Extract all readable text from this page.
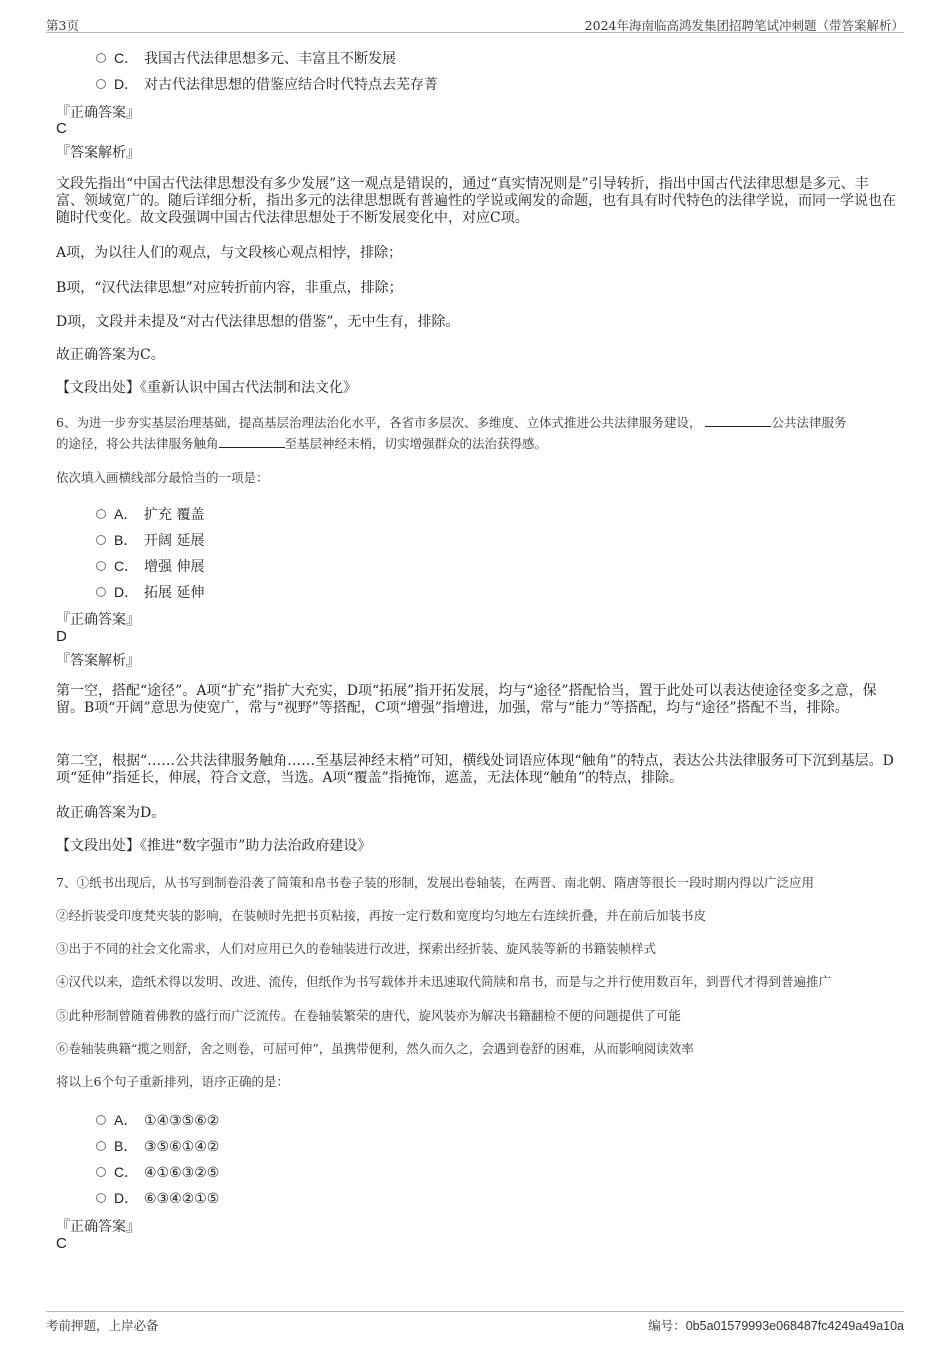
第3页	2024年海南临高鸿发集团招聘笔试冲刺题（带答案解析）
C． 我国古代法律思想多元、丰富且不断发展
D． 对古代法律思想的借鉴应结合时代特点去芜存菁
『正确答案』
C
『答案解析』
文段先指出“中国古代法律思想没有多少发展”这一观点是错误的，通过“真实情况则是”引导转折，指出中国古代法律思想是多元、丰富、领域宽广的。随后详细分析，指出多元的法律思想既有普遍性的学说或阐发的命题，也有具有时代特色的法律学说，而同一学说也在随时代变化。故文段强调中国古代法律思想处于不断发展变化中，对应C项。
A项，为以往人们的观点，与文段核心观点相悖，排除；
B项，“汉代法律思想”对应转折前内容，非重点，排除；
D项，文段并未提及“对古代法律思想的借鉴”，无中生有，排除。
故正确答案为C。
【文段出处】《重新认识中国古代法制和法文化》
6、为进一步夯实基层治理基础，提高基层治理法治化水平，各省市多层次、多维度、立体式推进公共法律服务建设，	公共法律服务
的途径，将公共法律服务触角	至基层神经末梢，切实增强群众的法治获得感。
依次填入画横线部分最恰当的一项是：
A． 扩充 覆盖
B． 开阔 延展
C． 增强 伸展
D． 拓展 延伸
『正确答案』
D
『答案解析』
第一空，搭配“途径”。A项“扩充”指扩大充实，D项“拓展”指开拓发展，均与“途径”搭配恰当，置于此处可以表达使途径变多之意，保留。B项“开阔”意思为使宽广，常与“视野”等搭配，C项“增强”指增进，加强，常与“能力”等搭配，均与“途径”搭配不当，排除。
第二空，根据“……公共法律服务触角……至基层神经末梢”可知，横线处词语应体现“触角”的特点，表达公共法律服务可下沉到基层。D项“延伸”指延长，伸展，符合文意，当选。A项“覆盖”指掩饰，遮盖，无法体现“触角”的特点，排除。
故正确答案为D。
【文段出处】《推进“数字强市”助力法治政府建设》
7、①纸书出现后，从书写到制卷沿袭了简策和帛书卷子装的形制，发展出卷轴装，在两晋、南北朝、隋唐等很长一段时期内得以广泛应用
②经折装受印度梵夹装的影响，在装帧时先把书页粘接，再按一定行数和宽度均匀地左右连续折叠，并在前后加装书皮
③出于不同的社会文化需求，人们对应用已久的卷轴装进行改进，探索出经折装、旋风装等新的书籍装帧样式
④汉代以来，造纸术得以发明、改进、流传，但纸作为书写载体并未迅速取代简牍和帛书，而是与之并行使用数百年，到晋代才得到普遍推广
⑤此种形制曾随着佛教的盛行而广泛流传。在卷轴装繁荣的唐代，旋风装亦为解决书籍翻检不便的问题提供了可能
⑥卷轴装典籍“揽之则舒，舍之则卷，可屈可伸”，虽携带便利，然久而久之，会遇到卷舒的困难，从而影响阅读效率
将以上6个句子重新排列，语序正确的是：
A． ①④③⑤⑥②
B． ③⑤⑥①④②
C． ④①⑥③②⑤
D． ⑥③④②①⑤
『正确答案』
C
考前押题，上岸必备	编号：0b5a01579993e068487fc4249a49a10a
